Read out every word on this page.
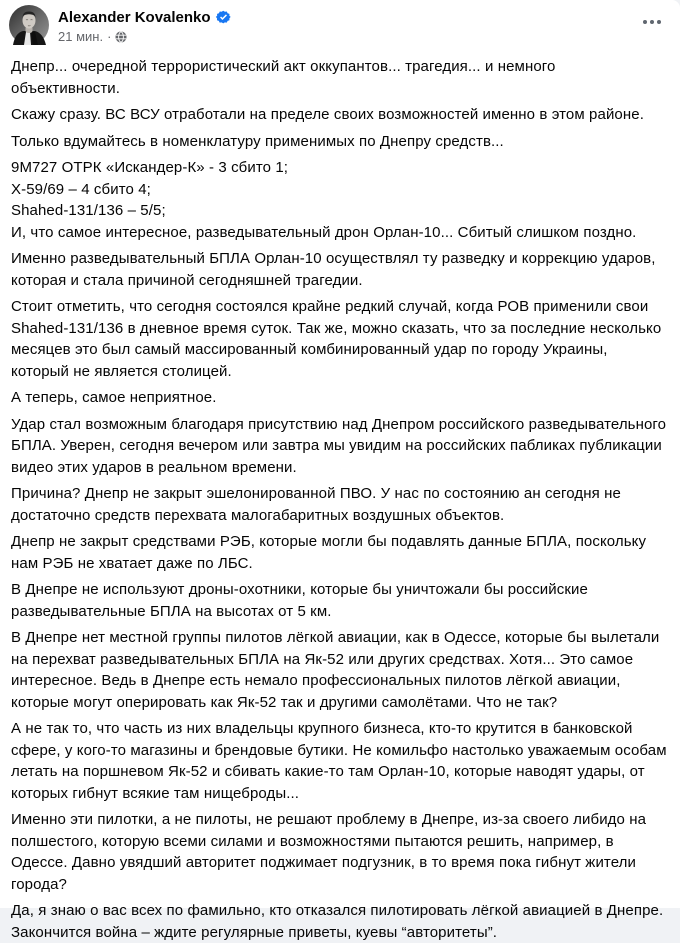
Alexander Kovalenko
21 мин. ·
Днепр... очередной террористический акт оккупантов... трагедия... и немного объективности.
Скажу сразу. ВС ВСУ отработали на пределе своих возможностей именно в этом районе.
Только вдумайтесь в номенклатуру применимых по Днепру средств...
9М727 ОТРК «Искандер-К» - 3 сбито 1;
Х-59/69 – 4 сбито 4;
Shahed-131/136 – 5/5;
И, что самое интересное, разведывательный дрон Орлан-10... Сбитый слишком поздно.
Именно разведывательный БПЛА Орлан-10 осуществлял ту разведку и коррекцию ударов, которая и стала причиной сегодняшней трагедии.
Стоит отметить, что сегодня состоялся крайне редкий случай, когда РОВ применили свои Shahed-131/136 в дневное время суток. Так же, можно сказать, что за последние несколько месяцев это был самый массированный комбинированный удар по городу Украины, который не является столицей.
А теперь, самое неприятное.
Удар стал возможным благодаря присутствию над Днепром российского разведывательного БПЛА. Уверен, сегодня вечером или завтра мы увидим на российских пабликах публикации видео этих ударов в реальном времени.
Причина? Днепр не закрыт эшелонированной ПВО. У нас по состоянию ан сегодня не достаточно средств перехвата малогабаритных воздушных объектов.
Днепр не закрыт средствами РЭБ, которые могли бы подавлять данные БПЛА, поскольку нам РЭБ не хватает даже по ЛБС.
В Днепре не используют дроны-охотники, которые бы уничтожали бы российские разведывательные БПЛА на высотах от 5 км.
В Днепре нет местной группы пилотов лёгкой авиации, как в Одессе, которые бы вылетали на перехват разведывательных БПЛА на Як-52 или других средствах. Хотя... Это самое интересное. Ведь в Днепре есть немало профессиональных пилотов лёгкой авиации, которые могут оперировать как Як-52 так и другими самолётами. Что не так?
А не так то, что часть из них владельцы крупного бизнеса, кто-то крутится в банковской сфере, у кого-то магазины и брендовые бутики. Не комильфо настолько уважаемым особам летать на поршневом Як-52 и сбивать какие-то там Орлан-10, которые наводят удары, от которых гибнут всякие там нищеброды...
Именно эти пилотки, а не пилоты, не решают проблему в Днепре, из-за своего либидо на полшестого, которую всеми силами и возможностями пытаются решить, например, в Одессе. Давно увядший авторитет поджимает подгузник, в то время пока гибнут жители города?
Да, я знаю о вас всех по фамильно, кто отказался пилотировать лёгкой авиацией в Днепре. Закончится война – ждите регулярные приветы, куевы “авторитеты”.
